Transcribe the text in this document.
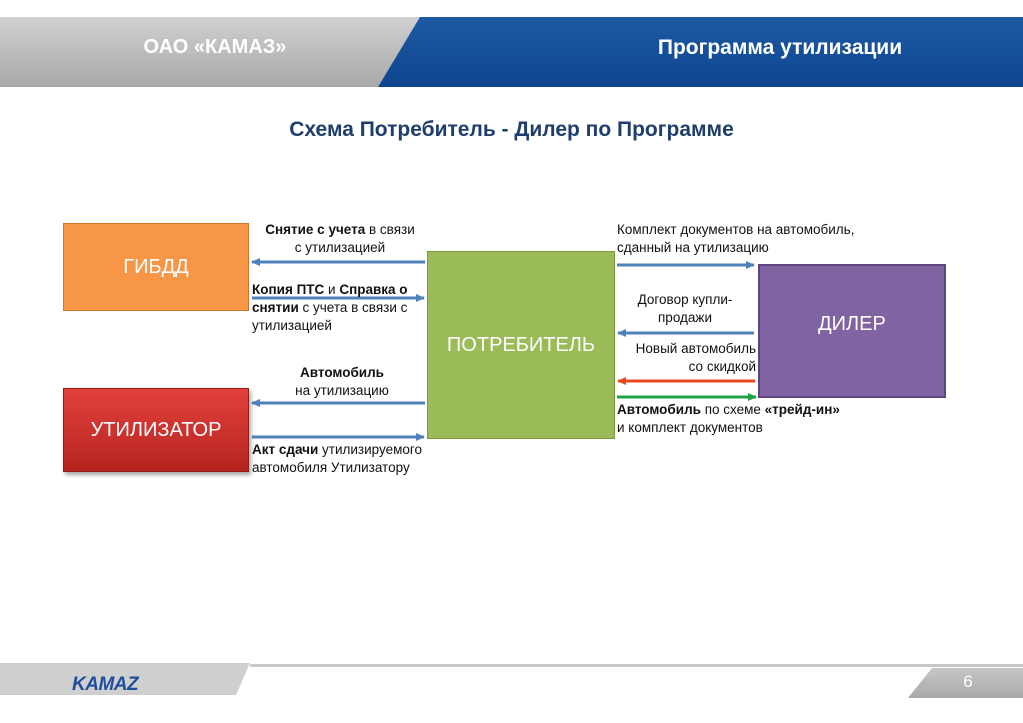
ОАО «КАМАЗ»	Программа утилизации
Схема Потребитель - Дилер по Программе
ГИБДД
УТИЛИЗАТОР
ПОТРЕБИТЕЛЬ
ДИЛЕР
Снятие с учета в связи
с утилизацией
Копия ПТС и Справка о
снятии с учета в связи с
утилизацией
Автомобиль
на утилизацию
Акт сдачи утилизируемого
автомобиля Утилизатору
Комплект документов на автомобиль,
сданный на утилизацию
Договор купли-
продажи
Новый автомобиль
со скидкой
Автомобиль по схеме «трейд-ин»
и комплект документов
KAMAZ	6
